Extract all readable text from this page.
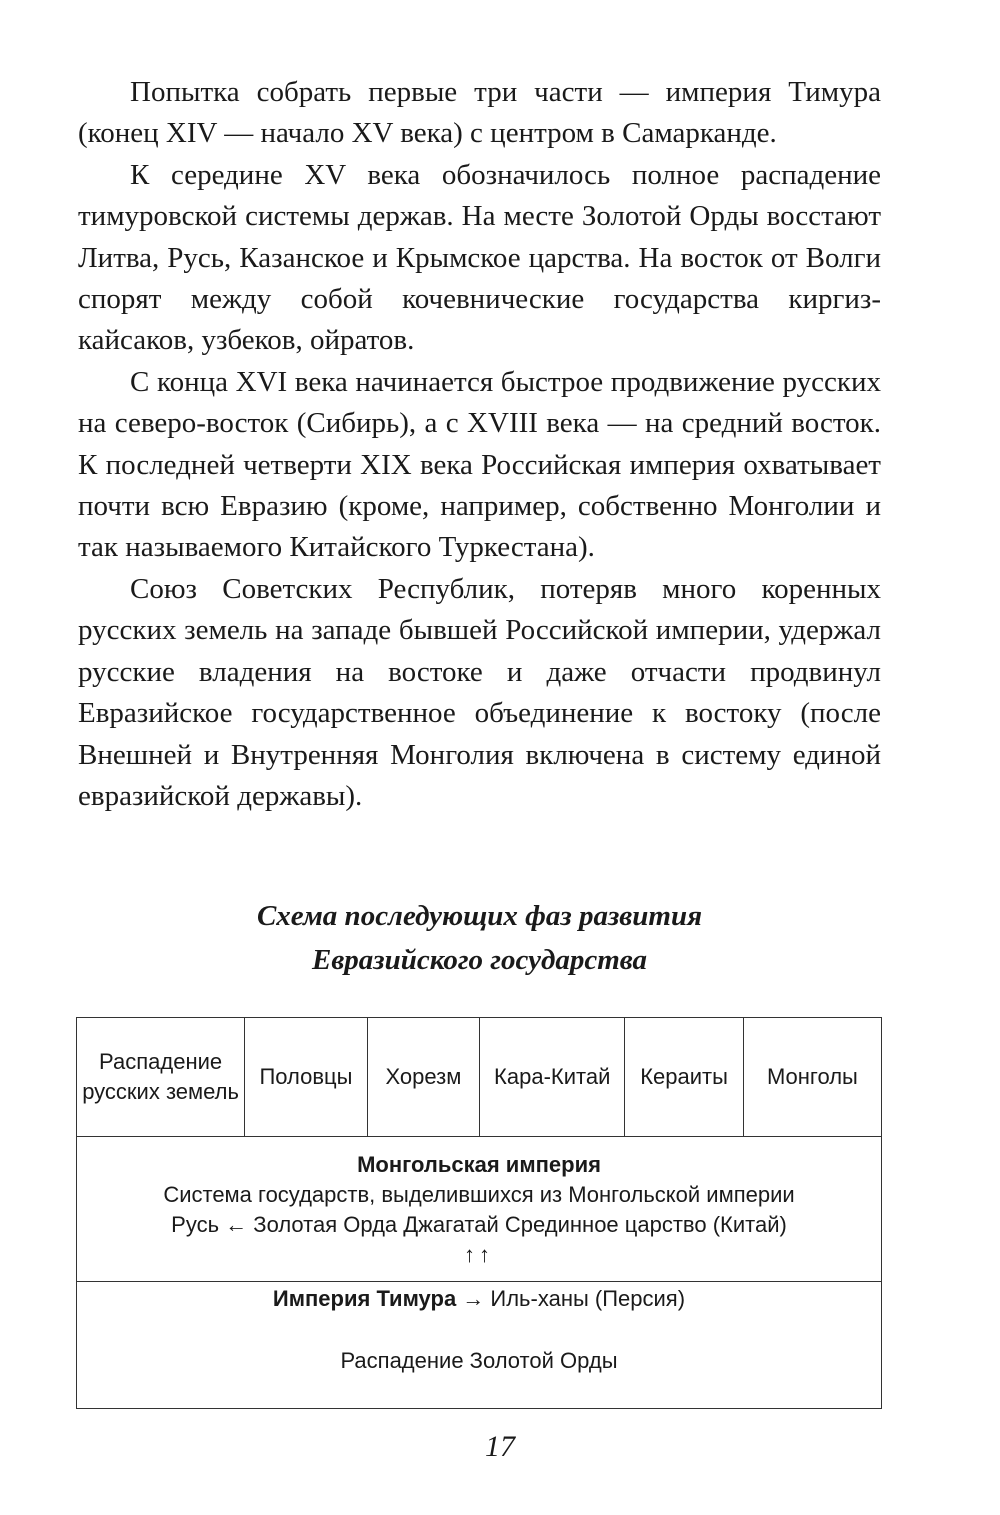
Попытка собрать первые три части — империя Тимура (конец XIV — начало XV века) с центром в Самарканде.

К середине XV века обозначилось полное распадение тимуровской системы держав. На месте Золотой Орды восстают Литва, Русь, Казанское и Крымское царства. На восток от Волги спорят между собой кочевнические государства киргиз-кайсаков, узбеков, ойратов.

С конца XVI века начинается быстрое продвижение русских на северо-восток (Сибирь), а с XVIII века — на средний восток. К последней четверти XIX века Российская империя охватывает почти всю Евразию (кроме, например, собственно Монголии и так называемого Китайского Туркестана).

Союз Советских Республик, потеряв много коренных русских земель на западе бывшей Российской империи, удержал русские владения на востоке и даже отчасти продвинул Евразийское государственное объединение к востоку (после Внешней и Внутренняя Монголия включена в систему единой евразийской державы).

Схема последующих фаз развития
Евразийского государства
Распадение русских земель	Половцы	Хорезм	Кара-Китай	Кераиты	Монголы

Монгольская империя
Система государств, выделившихся из Монгольской империи
Русь ← Золотая Орда Джагатай Срединное царство (Китай)
↑↑

Империя Тимура → Иль-ханы (Персия)
Распадение Золотой Орды
17
